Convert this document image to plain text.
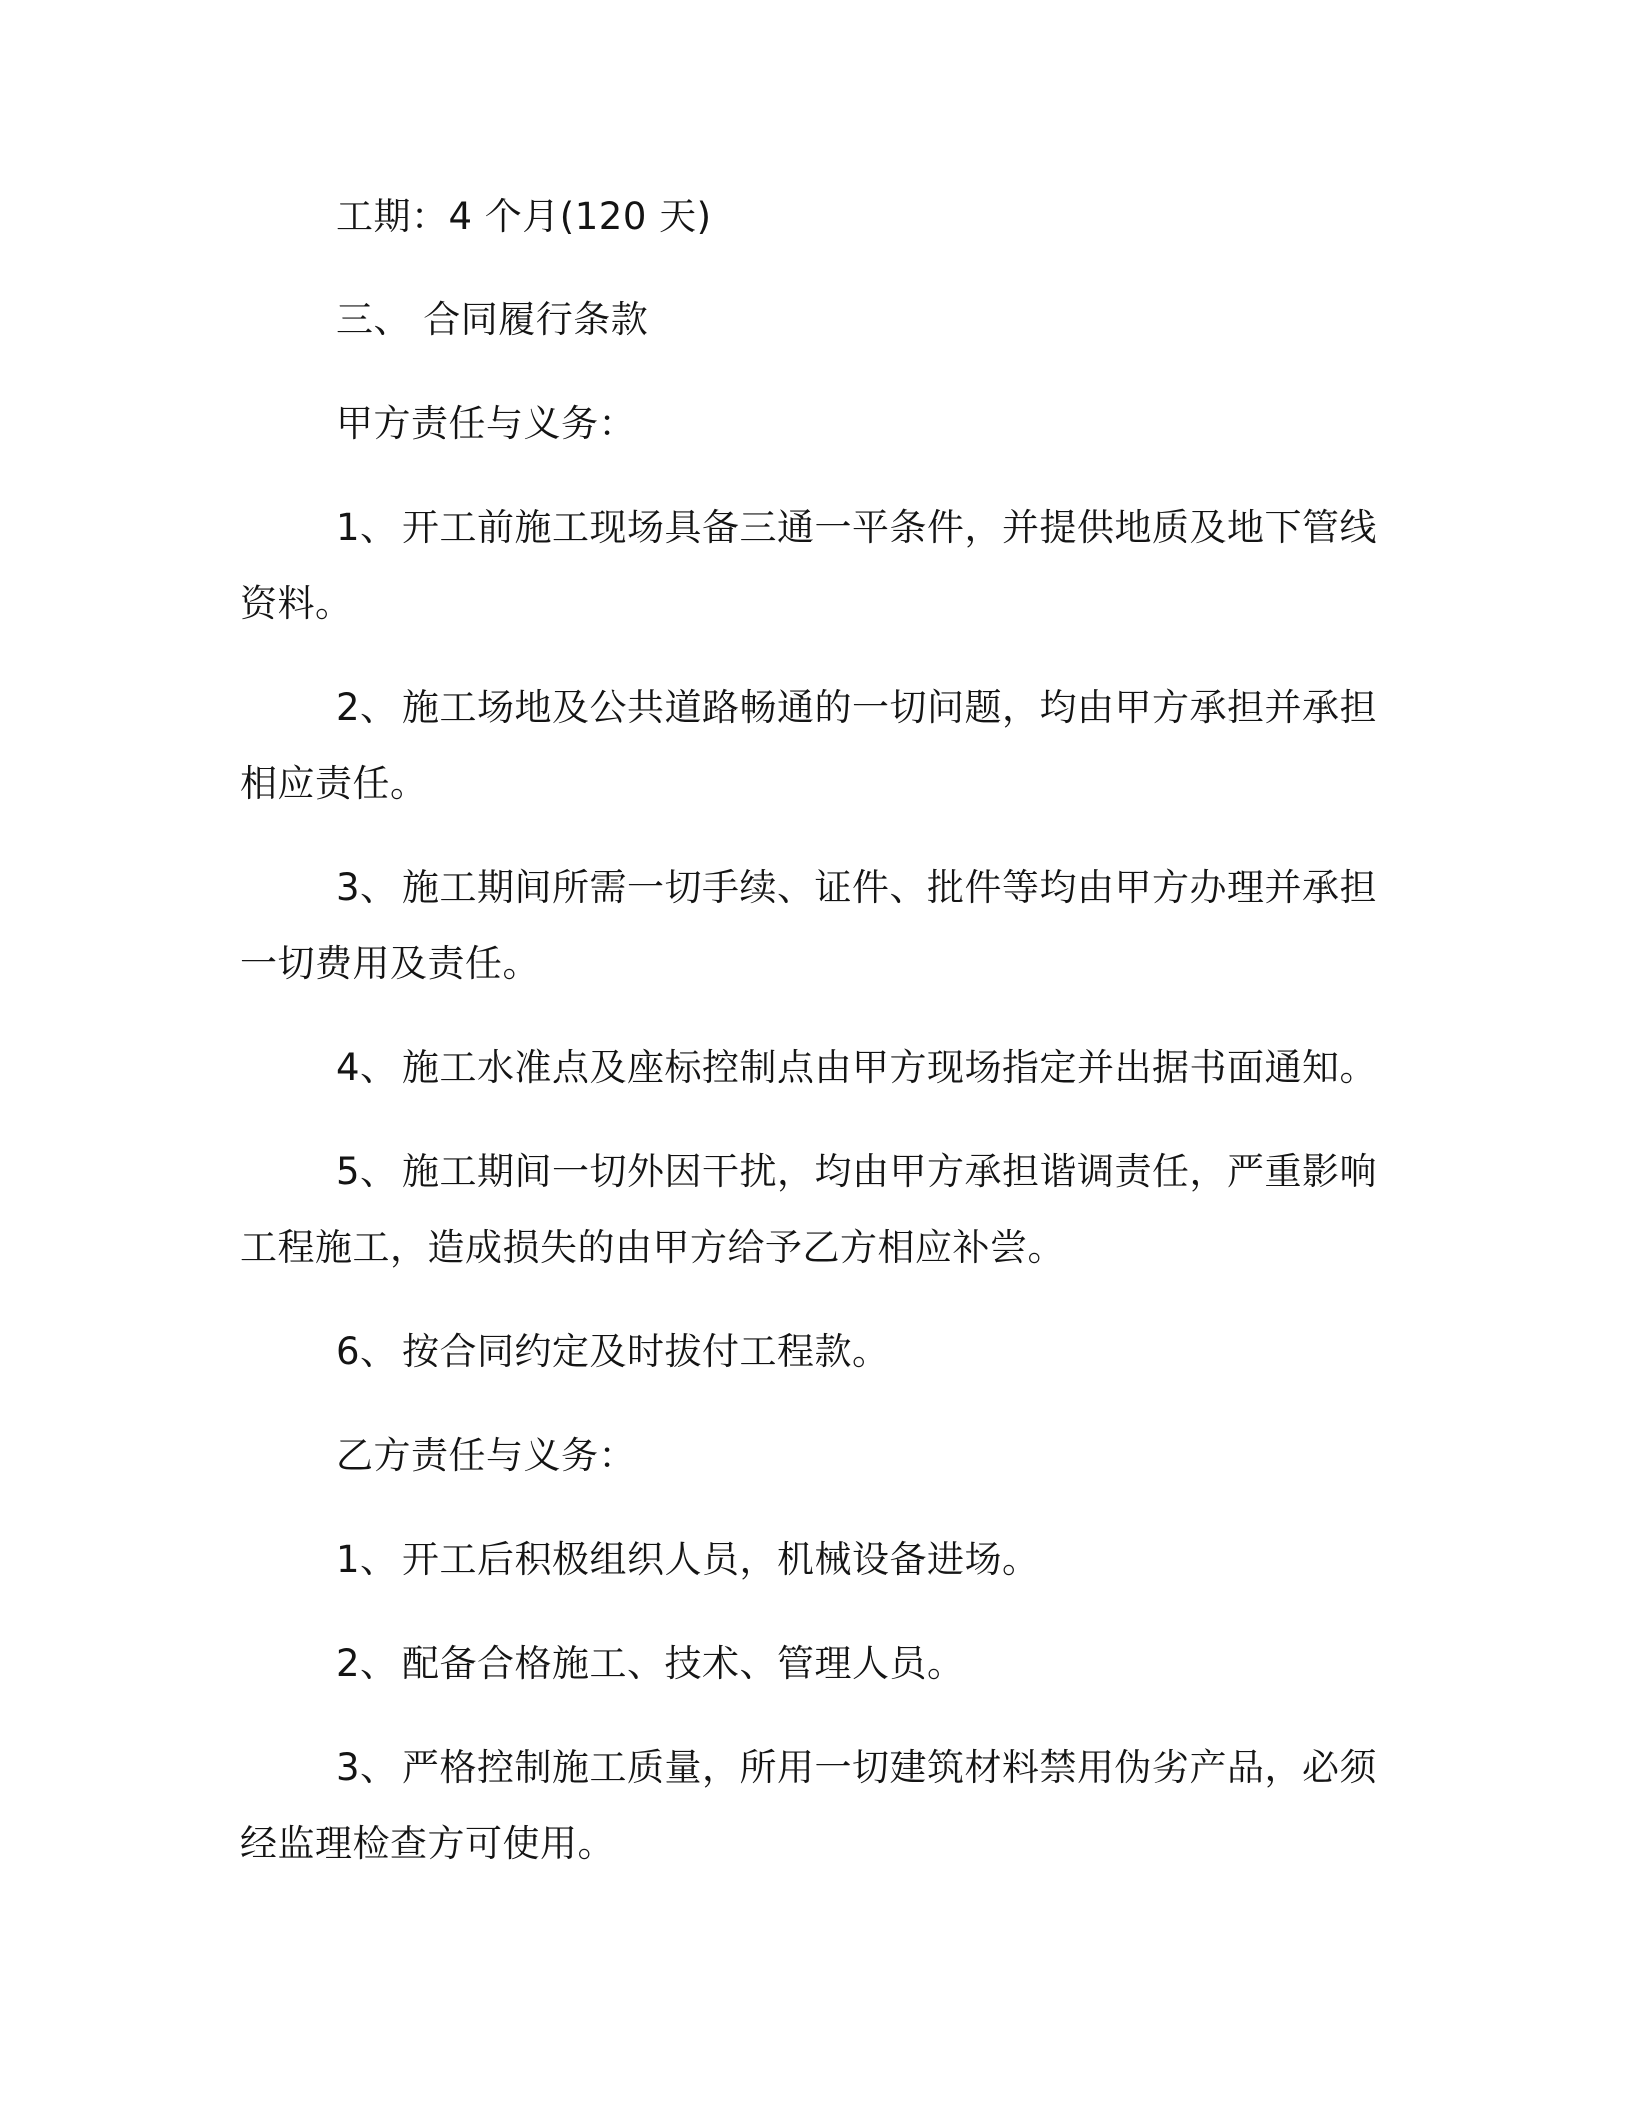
工期：4 个月(120 天)
三、 合同履行条款
甲方责任与义务：
1、 开工前施工现场具备三通一平条件，并提供地质及地下管线
资料。
2、 施工场地及公共道路畅通的一切问题，均由甲方承担并承担
相应责任。
3、 施工期间所需一切手续、证件、批件等均由甲方办理并承担
一切费用及责任。
4、 施工水准点及座标控制点由甲方现场指定并出据书面通知。
5、 施工期间一切外因干扰，均由甲方承担谐调责任，严重影响
工程施工，造成损失的由甲方给予乙方相应补尝。
6、 按合同约定及时拔付工程款。
乙方责任与义务：
1、 开工后积极组织人员，机械设备进场。
2、 配备合格施工、技术、管理人员。
3、 严格控制施工质量，所用一切建筑材料禁用伪劣产品，必须
经监理检查方可使用。
